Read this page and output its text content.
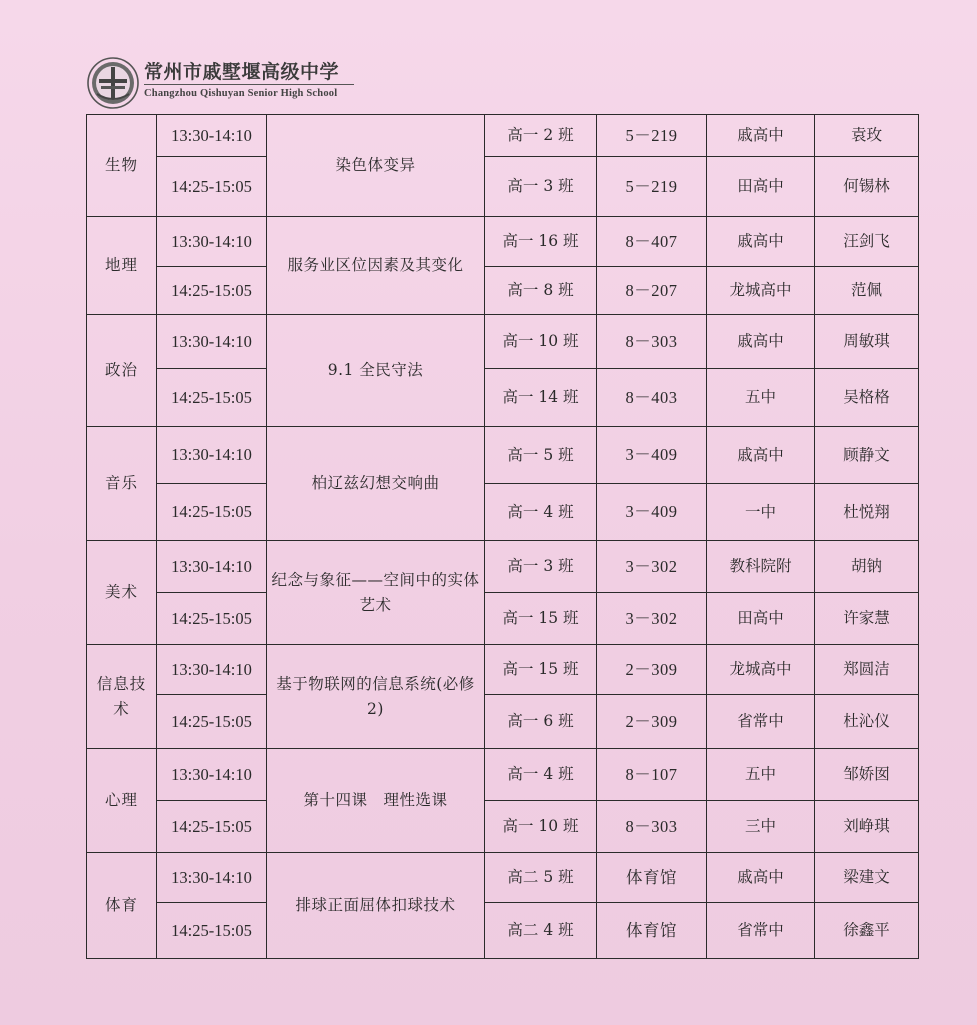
常州市戚墅堰高级中学
Changzhou Qishuyan Senior High School
生物	13:30-14:10	染色体变异	高一 2 班	5－219	戚高中	袁玫
	14:25-15:05		高一 3 班	5－219	田高中	何锡林
地理	13:30-14:10	服务业区位因素及其变化	高一 16 班	8－407	戚高中	汪剑飞
	14:25-15:05		高一 8 班	8－207	龙城高中	范佩
政治	13:30-14:10	9.1 全民守法	高一 10 班	8－303	戚高中	周敏琪
	14:25-15:05		高一 14 班	8－403	五中	吴格格
音乐	13:30-14:10	柏辽兹幻想交响曲	高一 5 班	3－409	戚高中	顾静文
	14:25-15:05		高一 4 班	3－409	一中	杜悦翔
美术	13:30-14:10	纪念与象征——空间中的实体艺术	高一 3 班	3－302	教科院附	胡钠
	14:25-15:05		高一 15 班	3－302	田高中	许家慧
信息技术	13:30-14:10	基于物联网的信息系统(必修 2)	高一 15 班	2－309	龙城高中	郑圆洁
	14:25-15:05		高一 6 班	2－309	省常中	杜沁仪
心理	13:30-14:10	第十四课　理性选课	高一 4 班	8－107	五中	邹娇囡
	14:25-15:05		高一 10 班	8－303	三中	刘峥琪
体育	13:30-14:10	排球正面屈体扣球技术	高二 5 班	体育馆	戚高中	梁建文
	14:25-15:05		高二 4 班	体育馆	省常中	徐鑫平
